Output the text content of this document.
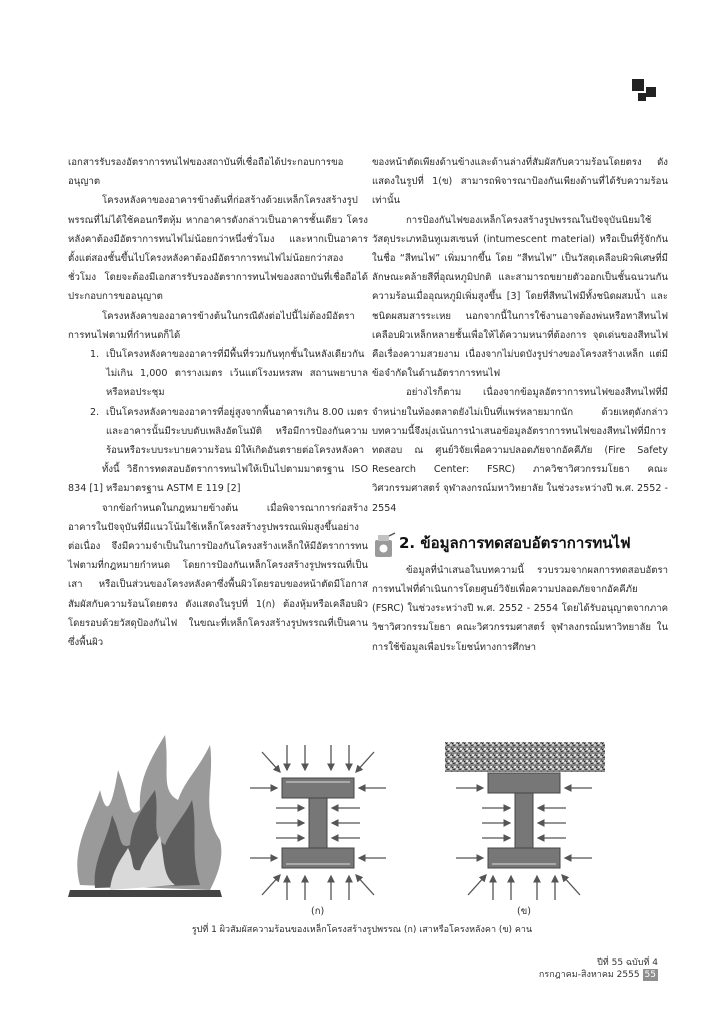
เอกสารรับรองอัตราการทนไฟของสถาบันที่เชื่อถือได้ประกอบการขออนุญาต

โครงหลังคาของอาคารข้างต้นที่ก่อสร้างด้วยเหล็กโครงสร้างรูปพรรณที่ไม่ได้ใช้คอนกรีตหุ้ม หากอาคารดังกล่าวเป็นอาคารชั้นเดียว โครงหลังคาต้องมีอัตราการทนไฟไม่น้อยกว่าหนึ่งชั่วโมง และหากเป็นอาคารตั้งแต่สองชั้นขึ้นไปโครงหลังคาต้องมีอัตราการทนไฟไม่น้อยกว่าสองชั่วโมง โดยจะต้องมีเอกสารรับรองอัตราการทนไฟของสถาบันที่เชื่อถือได้ประกอบการขออนุญาต

โครงหลังคาของอาคารข้างต้นในกรณีดังต่อไปนี้ไม่ต้องมีอัตราการทนไฟตามที่กำหนดก็ได้

1. เป็นโครงหลังคาของอาคารที่มีพื้นที่รวมกันทุกชั้นในหลังเดียวกันไม่เกิน 1,000 ตารางเมตร เว้นแต่โรงมหรสพ สถานพยาบาล หรือหอประชุม

2. เป็นโครงหลังคาของอาคารที่อยู่สูงจากพื้นอาคารเกิน 8.00 เมตร และอาคารนั้นมีระบบดับเพลิงอัตโนมัติ หรือมีการป้องกันความร้อนหรือระบบระบายความร้อน มิให้เกิดอันตรายต่อโครงหลังคา

ทั้งนี้ วิธีการทดสอบอัตราการทนไฟให้เป็นไปตามมาตรฐาน ISO 834 [1] หรือมาตรฐาน ASTM E 119 [2]

จากข้อกำหนดในกฎหมายข้างต้น เมื่อพิจารณาการก่อสร้างอาคารในปัจจุบันที่มีแนวโน้มใช้เหล็กโครงสร้างรูปพรรณเพิ่มสูงขึ้นอย่างต่อเนื่อง จึงมีความจำเป็นในการป้องกันโครงสร้างเหล็กให้มีอัตราการทนไฟตามที่กฎหมายกำหนด โดยการป้องกันเหล็กโครงสร้างรูปพรรณที่เป็นเสา หรือเป็นส่วนของโครงหลังคาซึ่งพื้นผิวโดยรอบของหน้าตัดมีโอกาสสัมผัสกับความร้อนโดยตรง ดังแสดงในรูปที่ 1(ก) ต้องหุ้มหรือเคลือบผิวโดยรอบด้วยวัสดุป้องกันไฟ ในขณะที่เหล็กโครงสร้างรูปพรรณที่เป็นคาน ซึ่งพื้นผิว

ของหน้าตัดเพียงด้านข้างและด้านล่างที่สัมผัสกับความร้อนโดยตรง ดังแสดงในรูปที่ 1(ข) สามารถพิจารณาป้องกันเพียงด้านที่ได้รับความร้อนเท่านั้น

การป้องกันไฟของเหล็กโครงสร้างรูปพรรณในปัจจุบันนิยมใช้วัสดุประเภทอินทูเมสเซนท์ (intumescent material) หรือเป็นที่รู้จักกันในชื่อ “สีทนไฟ” เพิ่มมากขึ้น โดย “สีทนไฟ” เป็นวัสดุเคลือบผิวพิเศษที่มีลักษณะคล้ายสีที่อุณหภูมิปกติ และสามารถขยายตัวออกเป็นชั้นฉนวนกันความร้อนเมื่ออุณหภูมิเพิ่มสูงขึ้น [3] โดยที่สีทนไฟมีทั้งชนิดผสมน้ำ และชนิดผสมสารระเหย นอกจากนี้ในการใช้งานอาจต้องพ่นหรือทาสีทนไฟเคลือบผิวเหล็กหลายชั้นเพื่อให้ได้ความหนาที่ต้องการ จุดเด่นของสีทนไฟคือเรื่องความสวยงาม เนื่องจากไม่บดบังรูปร่างของโครงสร้างเหล็ก แต่มีข้อจำกัดในด้านอัตราการทนไฟ

อย่างไรก็ตาม เนื่องจากข้อมูลอัตราการทนไฟของสีทนไฟที่มีจำหน่ายในท้องตลาดยังไม่เป็นที่แพร่หลายมากนัก ด้วยเหตุดังกล่าว บทความนี้จึงมุ่งเน้นการนำเสนอข้อมูลอัตราการทนไฟของสีทนไฟที่มีการทดสอบ ณ ศูนย์วิจัยเพื่อความปลอดภัยจากอัคคีภัย (Fire Safety Research Center: FSRC) ภาควิชาวิศวกรรมโยธา คณะวิศวกรรมศาสตร์ จุฬาลงกรณ์มหาวิทยาลัย ในช่วงระหว่างปี พ.ศ. 2552 - 2554

2. ข้อมูลการทดสอบอัตราการทนไฟ

ข้อมูลที่นำเสนอในบทความนี้ รวบรวมจากผลการทดสอบอัตราการทนไฟที่ดำเนินการโดยศูนย์วิจัยเพื่อความปลอดภัยจากอัคคีภัย (FSRC) ในช่วงระหว่างปี พ.ศ. 2552 - 2554 โดยได้รับอนุญาตจากภาควิชาวิศวกรรมโยธา คณะวิศวกรรมศาสตร์ จุฬาลงกรณ์มหาวิทยาลัย ในการใช้ข้อมูลเพื่อประโยชน์ทางการศึกษา

(ก)	(ข)
รูปที่ 1 ผิวสัมผัสความร้อนของเหล็กโครงสร้างรูปพรรณ (ก) เสาหรือโครงหลังคา (ข) คาน
ปีที่ 55 ฉบับที่ 4
กรกฎาคม-สิงหาคม 2555 55
